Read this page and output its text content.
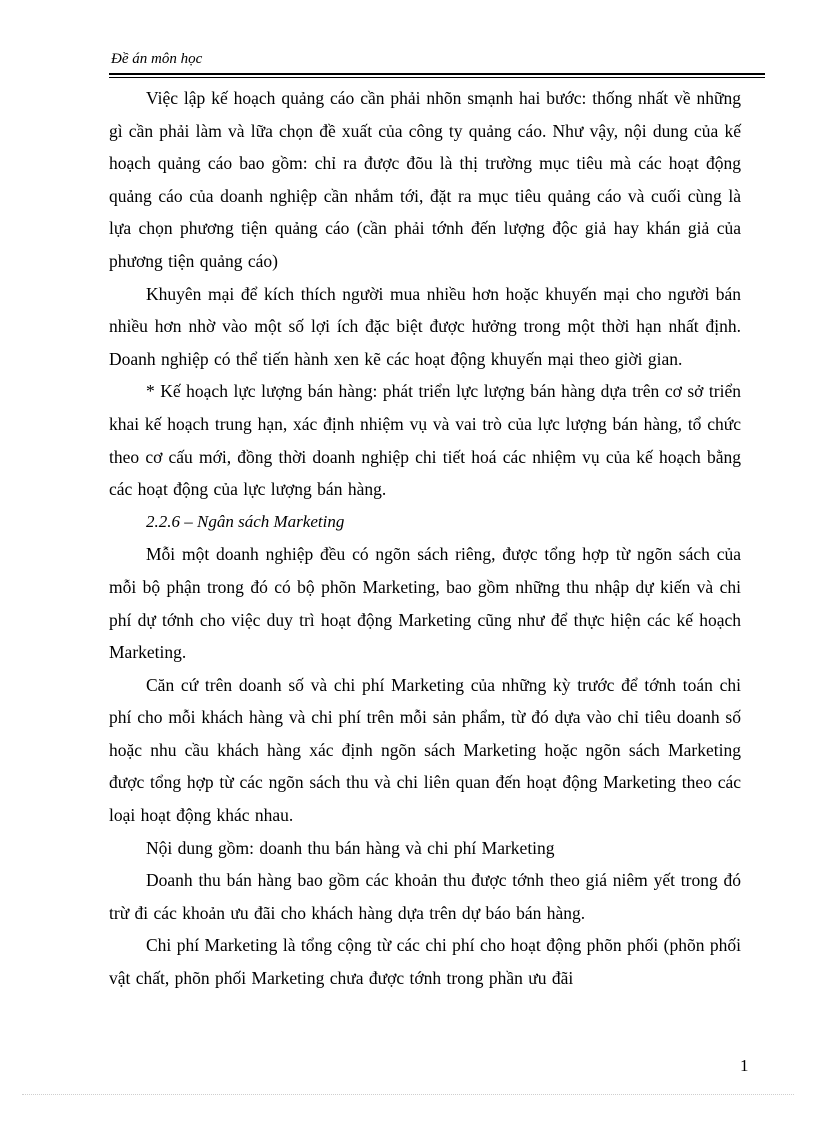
Đề án môn học

Việc lập kế hoạch quảng cáo cần phải nhõn smạnh hai bước: thống nhất về những gì cần phải làm và lữa chọn đề xuất của công ty quảng cáo. Như vậy, nội dung của kế hoạch quảng cáo bao gồm: chỉ ra được đõu là thị trường mục tiêu mà các hoạt động quảng cáo của doanh nghiệp cần nhắm tới, đặt ra mục tiêu quảng cáo và cuối cùng là lựa chọn phương tiện quảng cáo (cần phải tớnh đến lượng độc giả hay khán giả của phương tiện quảng cáo)

Khuyên mại để kích thích người mua nhiều hơn hoặc khuyến mại cho người bán nhiều hơn nhờ vào một số lợi ích đặc biệt được hưởng trong một thời hạn nhất định. Doanh nghiệp có thể tiến hành xen kẽ các hoạt động khuyến mại theo giời gian.

* Kế hoạch lực lượng bán hàng: phát triển lực lượng bán hàng dựa trên cơ sở triển khai kế hoạch trung hạn, xác định nhiệm vụ và vai trò của lực lượng bán hàng, tổ chức theo cơ cấu mới, đồng thời doanh nghiệp chi tiết hoá các nhiệm vụ của kế hoạch bằng các hoạt động của lực lượng bán hàng.

2.2.6 – Ngân sách Marketing

Mỗi một doanh nghiệp đều có ngõn sách riêng, được tổng hợp từ ngõn sách của mỗi bộ phận trong đó có bộ phõn Marketing, bao gồm những thu nhập dự kiến và chi phí dự tớnh cho việc duy trì hoạt động Marketing cũng như để thực hiện các kế hoạch Marketing.

Căn cứ trên doanh số và chi phí Marketing của những kỳ trước để tớnh toán chi phí cho mỗi khách hàng và chi phí trên mỗi sản phẩm, từ đó dựa vào chỉ tiêu doanh số hoặc nhu cầu khách hàng xác định ngõn sách Marketing hoặc ngõn sách Marketing được tổng hợp từ các ngõn sách thu và chi liên quan đến hoạt động Marketing theo các loại hoạt động khác nhau.

Nội dung gồm: doanh thu bán hàng và chi phí Marketing

Doanh thu bán hàng bao gồm các khoản thu được tớnh theo giá niêm yết trong đó trừ đi các khoản ưu đãi cho khách hàng dựa trên dự báo bán hàng.

Chi phí Marketing là tổng cộng từ các chi phí cho hoạt động phõn phối (phõn phối vật chất, phõn phối Marketing chưa được tớnh trong phần ưu đãi

1
